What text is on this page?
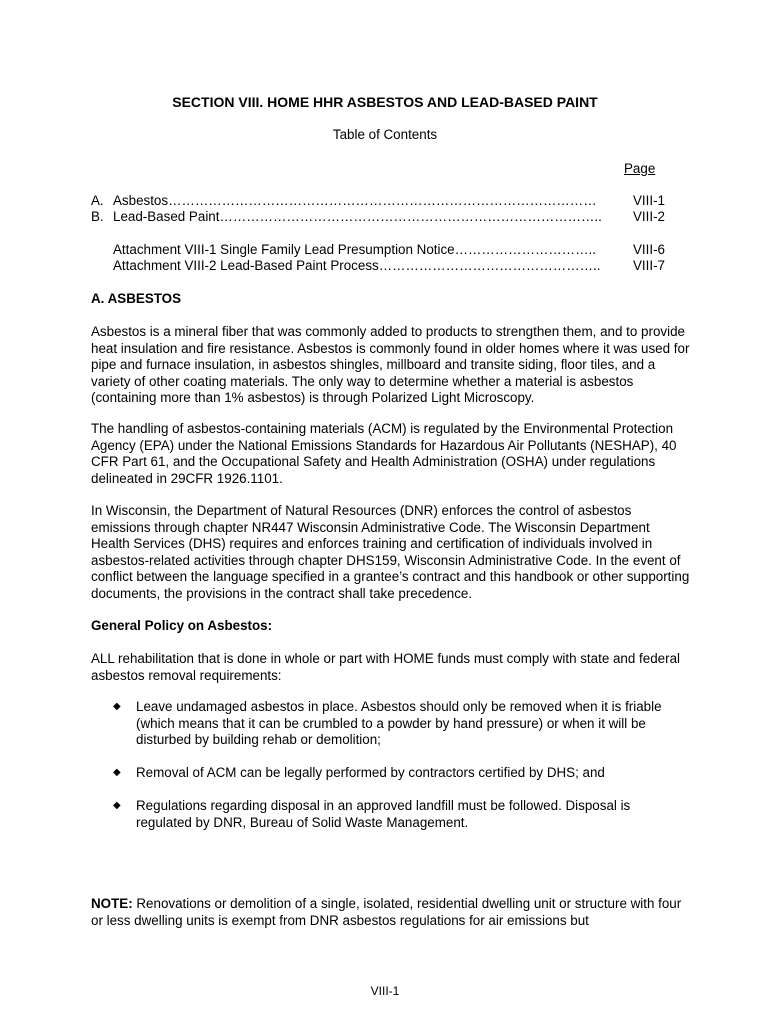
SECTION VIII. HOME HHR ASBESTOS AND LEAD-BASED PAINT
Table of Contents
Page
A. Asbestos……………………………………………………………………………………	VIII-1
B. Lead-Based Paint…………………………………………………………………………..	VIII-2
Attachment VIII-1 Single Family Lead Presumption Notice…………………………..	VIII-6
Attachment VIII-2 Lead-Based Paint Process…………………………………………..	VIII-7
A. ASBESTOS

Asbestos is a mineral fiber that was commonly added to products to strengthen them, and to provide heat insulation and fire resistance. Asbestos is commonly found in older homes where it was used for pipe and furnace insulation, in asbestos shingles, millboard and transite siding, floor tiles, and a variety of other coating materials. The only way to determine whether a material is asbestos (containing more than 1% asbestos) is through Polarized Light Microscopy.

The handling of asbestos-containing materials (ACM) is regulated by the Environmental Protection Agency (EPA) under the National Emissions Standards for Hazardous Air Pollutants (NESHAP), 40 CFR Part 61, and the Occupational Safety and Health Administration (OSHA) under regulations delineated in 29CFR 1926.1101.

In Wisconsin, the Department of Natural Resources (DNR) enforces the control of asbestos emissions through chapter NR447 Wisconsin Administrative Code. The Wisconsin Department Health Services (DHS) requires and enforces training and certification of individuals involved in asbestos-related activities through chapter DHS159, Wisconsin Administrative Code. In the event of conflict between the language specified in a grantee’s contract and this handbook or other supporting documents, the provisions in the contract shall take precedence.

General Policy on Asbestos:

ALL rehabilitation that is done in whole or part with HOME funds must comply with state and federal asbestos removal requirements:

◆ Leave undamaged asbestos in place. Asbestos should only be removed when it is friable (which means that it can be crumbled to a powder by hand pressure) or when it will be disturbed by building rehab or demolition;
◆ Removal of ACM can be legally performed by contractors certified by DHS; and
◆ Regulations regarding disposal in an approved landfill must be followed. Disposal is regulated by DNR, Bureau of Solid Waste Management.
NOTE: Renovations or demolition of a single, isolated, residential dwelling unit or structure with four or less dwelling units is exempt from DNR asbestos regulations for air emissions but
VIII-1
